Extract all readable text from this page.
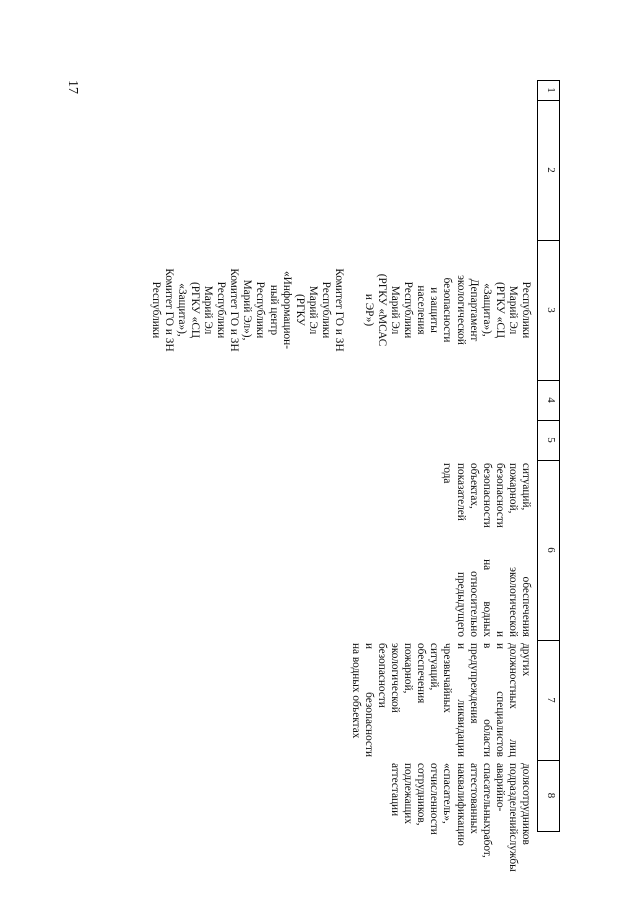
17	1
2
3
4
5
6
7
8
Республики
Марий Эл
(РГКУ «СЦ
«Защита»),
Департамент
экологической
безопасности
и защиты
населения
Республики
Марий Эл
(РГКУ «МСАС
и ЭР»)
Комитет ГО и ЗН
Республики
Марий Эл
(РГКУ
«Информацион-
ный центр
Республики
Марий Эл»),
Комитет ГО и ЗН
Республики
Марий Эл
(РГКУ «СЦ
«Защита»),
Комитет ГО и ЗН
Республики
ситуаций,
обеспечения
пожарной,
экологической
безопасности
и
безопасности
на
водных
объектах,
относительно
показателей
предыдущего
года
других
должностных
лиц
и
специалистов
в
области
предупреждения
и
ликвидации
чрезвычайных
ситуаций,
обеспечения
пожарной,
экологической
безопасности
и
безопасности
на водных объектах
доля
сотрудников
подразделений
службы
аварийно-
спасательных
работ,
аттестованных
на
квалификацию
«спасатель»,
от
численности
сотрудников,
подлежащих
аттестации
